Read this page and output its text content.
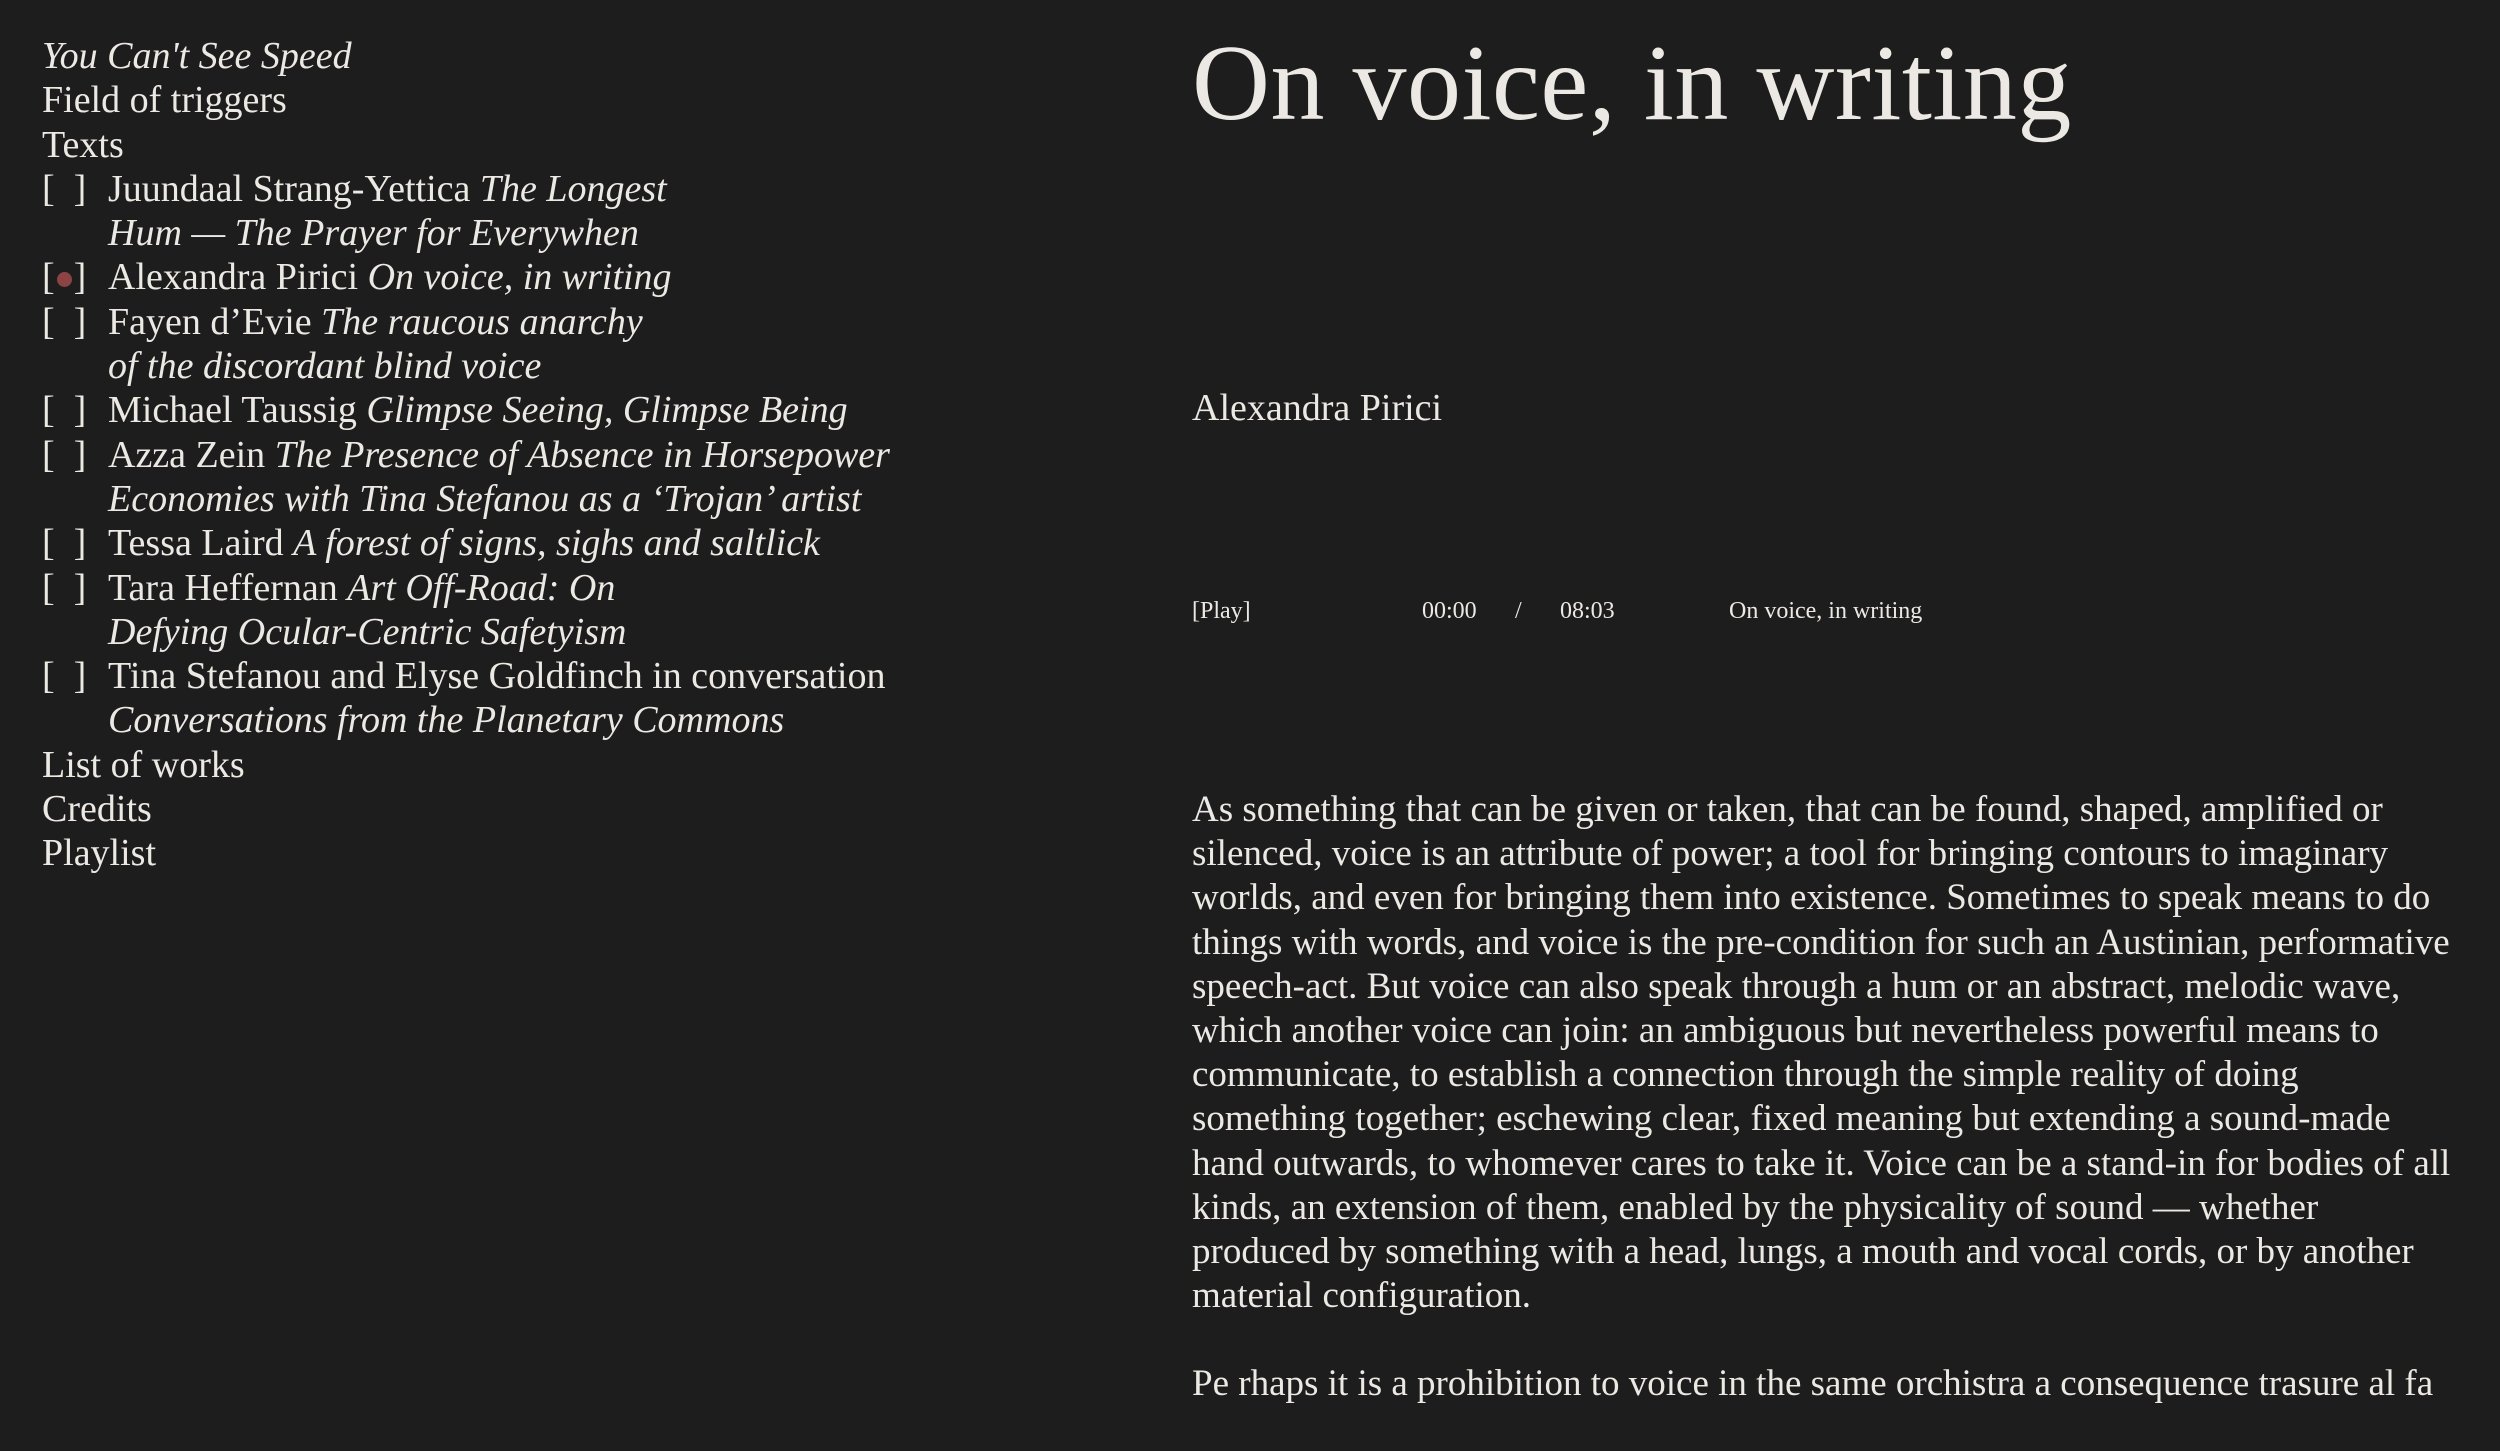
You Can't See Speed
Field of triggers
Texts
[ ] Juundaal Strang-Yettica The Longest
Hum — The Prayer for Everywhen
[ ] Alexandra Pirici On voice, in writing
[ ] Fayen d’Evie The raucous anarchy
of the discordant blind voice
[ ] Michael Taussig Glimpse Seeing, Glimpse Being
[ ] Azza Zein The Presence of Absence in Horsepower
Economies with Tina Stefanou as a ‘Trojan’ artist
[ ] Tessa Laird A forest of signs, sighs and saltlick
[ ] Tara Heffernan Art Off-Road: On
Defying Ocular-Centric Safetyism
[ ] Tina Stefanou and Elyse Goldfinch in conversation
Conversations from the Planetary Commons
List of works
Credits
Playlist
On voice, in writing

Alexandra Pirici

[Play]	00:00 / 08:03	On voice, in writing

As something that can be given or taken, that can be found, shaped, amplified or silenced, voice is an attribute of power; a tool for bringing contours to imaginary worlds, and even for bringing them into existence. Sometimes to speak means to do things with words, and voice is the pre-condition for such an Austinian, performative speech-act. But voice can also speak through a hum or an abstract, melodic wave, which another voice can join: an ambiguous but nevertheless powerful means to communicate, to establish a connection through the simple reality of doing something together; eschewing clear, fixed meaning but extending a sound-made hand outwards, to whomever cares to take it. Voice can be a stand-in for bodies of all kinds, an extension of them, enabled by the physicality of sound — whether produced by something with a head, lungs, a mouth and vocal cords, or by another material configuration.

Pe rhaps it is a prohibition to voice in the same orchistra a consequence trasure al fa
